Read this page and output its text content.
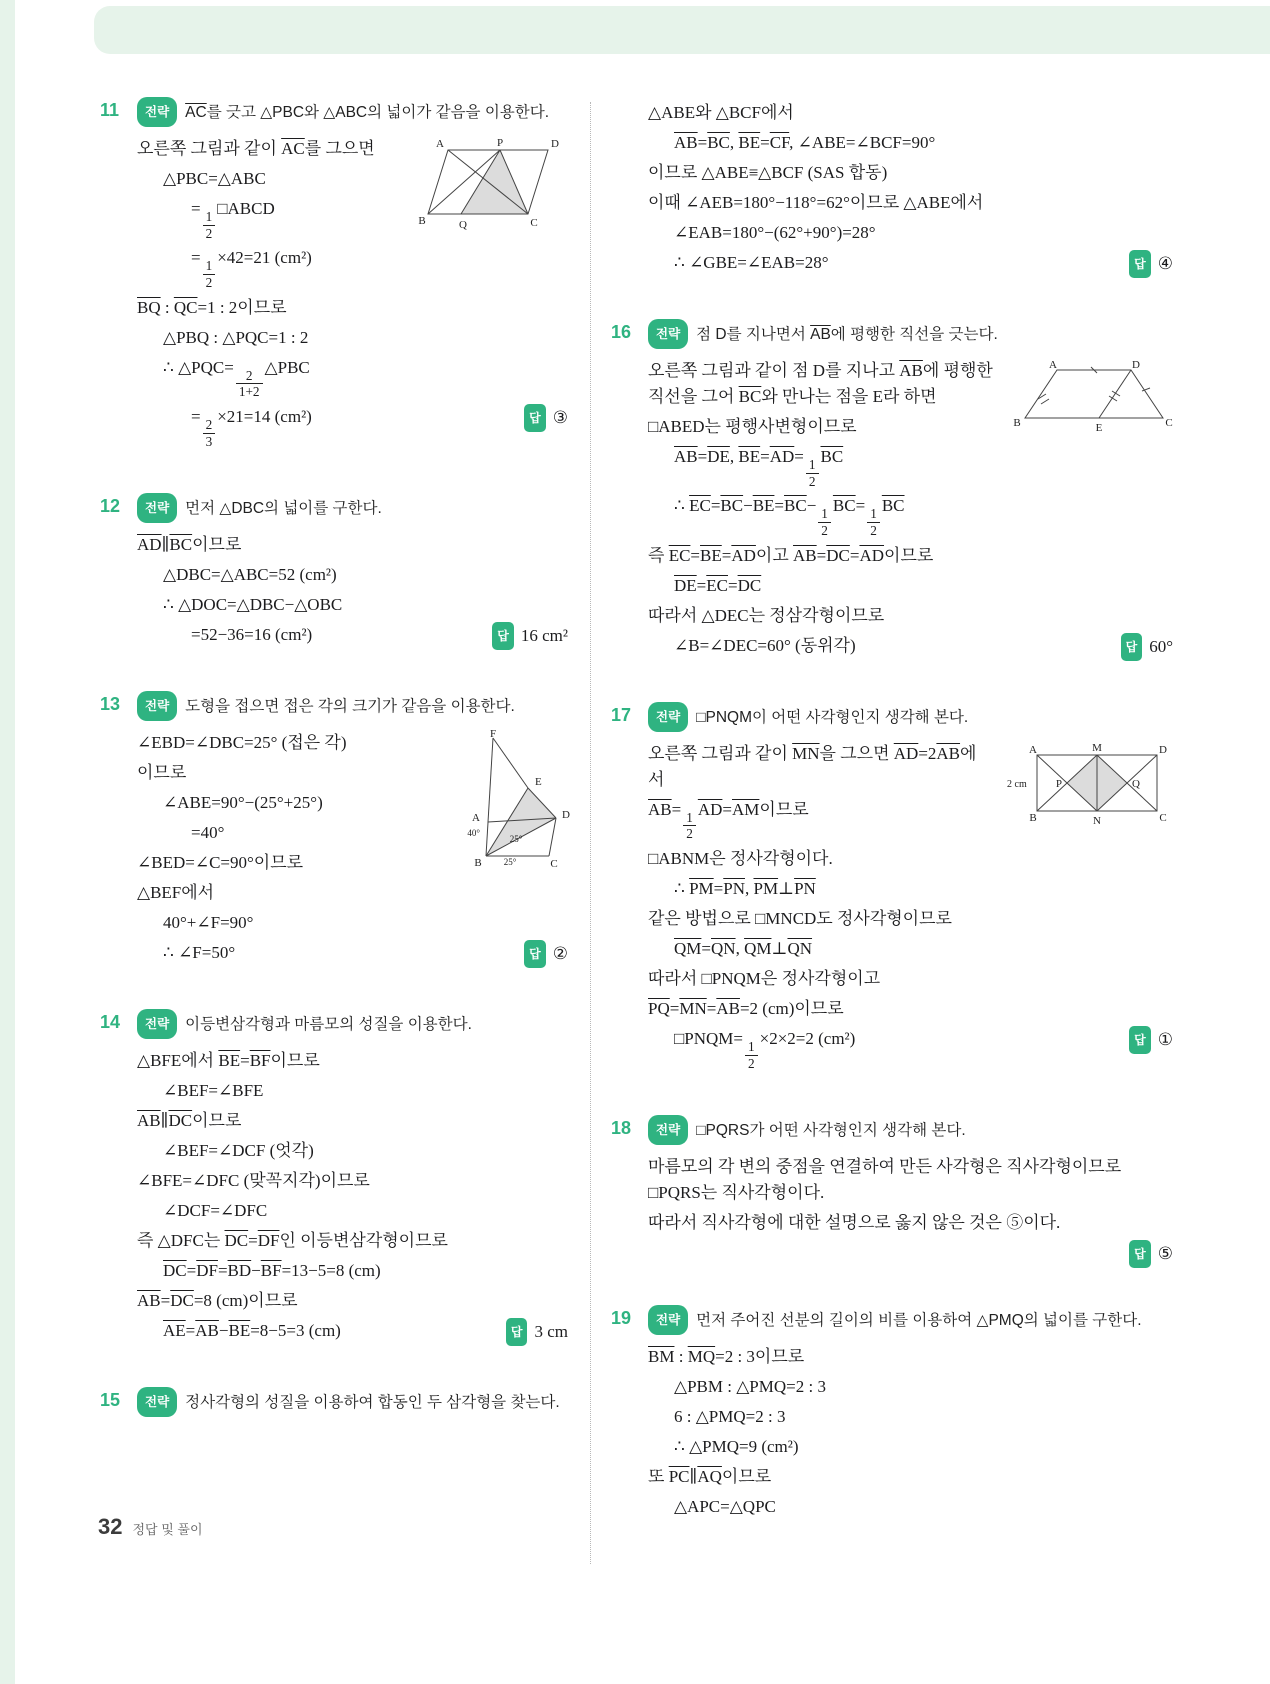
11	전략 $\overline{AC}$를 긋고 △PBC와 △ABC의 넓이가 같음을 이용한다.
A	P	D
B	Q	C
오른쪽 그림과 같이 $\overline{AC}$를 그으면
△PBC=△ABC
=
$\frac{1}{2}$
□ABCD
=
$\frac{1}{2}$
×42=21 (cm²)
$\overline{BQ}$ : $\overline{QC}=1$ : 2이므로
△PBQ : △PQC=1 : 2
∴ △PQC=
$\frac{2}{1+2}$
△PBC
답 ③
=
$\frac{2}{3}$
×21=14 (cm²)
12	전략 먼저 △DBC의 넓이를 구한다.
$\overline{AD}\parallel\overline{BC}$이므로
△DBC=△ABC=52 (cm²)
∴ △DOC=△DBC−△OBC
답 16 cm²
=52−36=16 (cm²)
13	전략 도형을 접으면 접은 각의 크기가 같음을 이용한다.
F
E
A	D
B	C
40°
25°
25°
∠EBD=∠DBC=25° (접은 각)
이므로
∠ABE=90°−(25°+25°)
=40°
∠BED=∠C=90°이므로
△BEF에서
40°+∠F=90°
답 ②
∴ ∠F=50°
14	전략 이등변삼각형과 마름모의 성질을 이용한다.
△BFE에서 $\overline{BE}=\overline{BF}$이므로
∠BEF=∠BFE
$\overline{AB}\parallel\overline{DC}$이므로
∠BEF=∠DCF (엇각)
∠BFE=∠DFC (맞꼭지각)이므로
∠DCF=∠DFC
즉 △DFC는 $\overline{DC}=\overline{DF}$인 이등변삼각형이므로
$\overline{DC}=\overline{DF}=\overline{BD}-\overline{BF}=13-5=8$ (cm)
$\overline{AB}=\overline{DC}=8$ (cm)이므로
답 3 cm
$\overline{AE}=\overline{AB}-\overline{BE}=8-5=3$ (cm)
15	전략 정사각형의 성질을 이용하여 합동인 두 삼각형을 찾는다.
△ABE와 △BCF에서
$\overline{AB}=\overline{BC}$, $\overline{BE}=\overline{CF}$, ∠ABE=∠BCF=90°
이므로 △ABE≡△BCF (SAS 합동)
이때 ∠AEB=180°−118°=62°이므로 △ABE에서
∠EAB=180°−(62°+90°)=28°
답 ④
∴ ∠GBE=∠EAB=28°
16	전략 점 D를 지나면서 $\overline{AB}$에 평행한 직선을 긋는다.
A	D
B	E	C
오른쪽 그림과 같이 점 D를 지나고 $\overline{AB}$에 평행한 직선을 그어 $\overline{BC}$와 만나는 점을 E라 하면
□ABED는 평행사변형이므로
$\overline{AB}=\overline{DE}$, $\overline{BE}=\overline{AD}=$
$\frac{1}{2}$
$\overline{BC}$
∴ $\overline{EC}=\overline{BC}-\overline{BE}=\overline{BC}-$
$\frac{1}{2}$
$\overline{BC}=$
$\frac{1}{2}$
$\overline{BC}$
즉 $\overline{EC}=\overline{BE}=\overline{AD}$이고 $\overline{AB}=\overline{DC}=\overline{AD}$이므로
$\overline{DE}=\overline{EC}=\overline{DC}$
따라서 △DEC는 정삼각형이므로
답 60°
∠B=∠DEC=60° (동위각)
17	전략 □PNQM이 어떤 사각형인지 생각해 본다.
A	M	D
B	N	C
P	Q
2 cm
오른쪽 그림과 같이 $\overline{MN}$을 그으면 $\overline{AD}=2\overline{AB}$에서
$\overline{AB}=$
$\frac{1}{2}$
$\overline{AD}=\overline{AM}$이므로
□ABNM은 정사각형이다.
∴ $\overline{PM}=\overline{PN}$, $\overline{PM}\perp\overline{PN}$
같은 방법으로 □MNCD도 정사각형이므로
$\overline{QM}=\overline{QN}$, $\overline{QM}\perp\overline{QN}$
따라서 □PNQM은 정사각형이고
$\overline{PQ}=\overline{MN}=\overline{AB}=2$ (cm)이므로
답 ①
□PNQM=
$\frac{1}{2}$
×2×2=2 (cm²)
18	전략 □PQRS가 어떤 사각형인지 생각해 본다.
마름모의 각 변의 중점을 연결하여 만든 사각형은 직사각형이므로 □PQRS는 직사각형이다.
따라서 직사각형에 대한 설명으로 옳지 않은 것은 ⑤이다.
답 ⑤
19	전략 먼저 주어진 선분의 길이의 비를 이용하여 △PMQ의 넓이를 구한다.
$\overline{BM}$ : $\overline{MQ}=2$ : 3이므로
△PBM : △PMQ=2 : 3
6 : △PMQ=2 : 3
∴ △PMQ=9 (cm²)
또 $\overline{PC}\parallel\overline{AQ}$이므로
△APC=△QPC
32 정답 및 풀이
